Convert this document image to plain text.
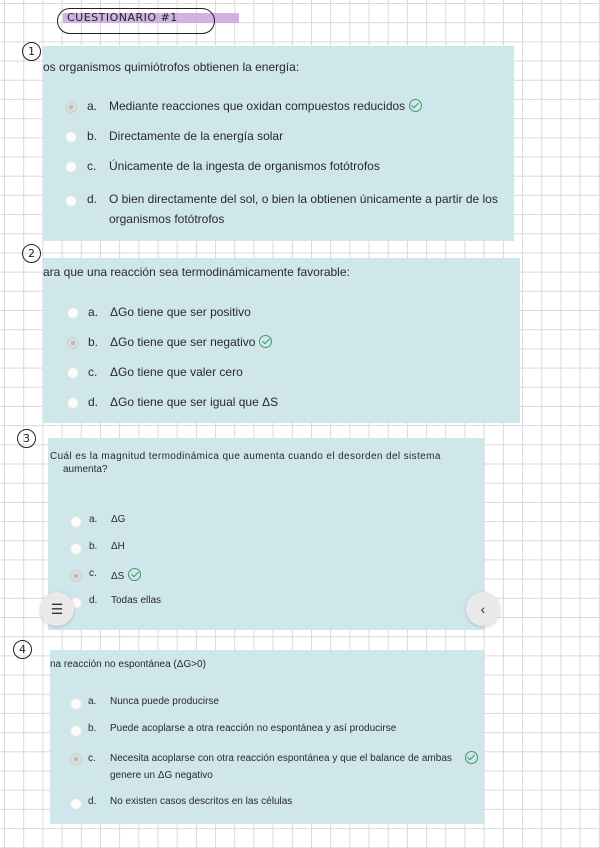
CUESTIONARIO #1
1
os organismos quimiótrofos obtienen la energía:
a. Mediante reacciones que oxidan compuestos reducidos
b. Directamente de la energía solar
c.	Únicamente de la ingesta de organismos fotótrofos
d. O bien directamente del sol, o bien la obtienen únicamente a partir de los organismos fotótrofos
2
ara que una reacción sea termodinámicamente favorable:
a. ΔGo tiene que ser positivo
b. ΔGo tiene que ser negativo
c.	ΔGo tiene que valer cero
d. ΔGo tiene que ser igual que ΔS
3
Cuál es la magnitud termodinámica que aumenta cuando el desorden del sistema
aumenta?
a.	ΔG
b.	ΔH
c.	ΔS
d.	Todas ellas
☰	‹
4
na reacción no espontánea (ΔG>0)
a.	Nunca puede producirse
b.	Puede acoplarse a otra reacción no espontánea y así producirse
c.	Necesita acoplarse con otra reacción espontánea y que el balance de ambas genere un ΔG negativo
d.	No existen casos descritos en las células
